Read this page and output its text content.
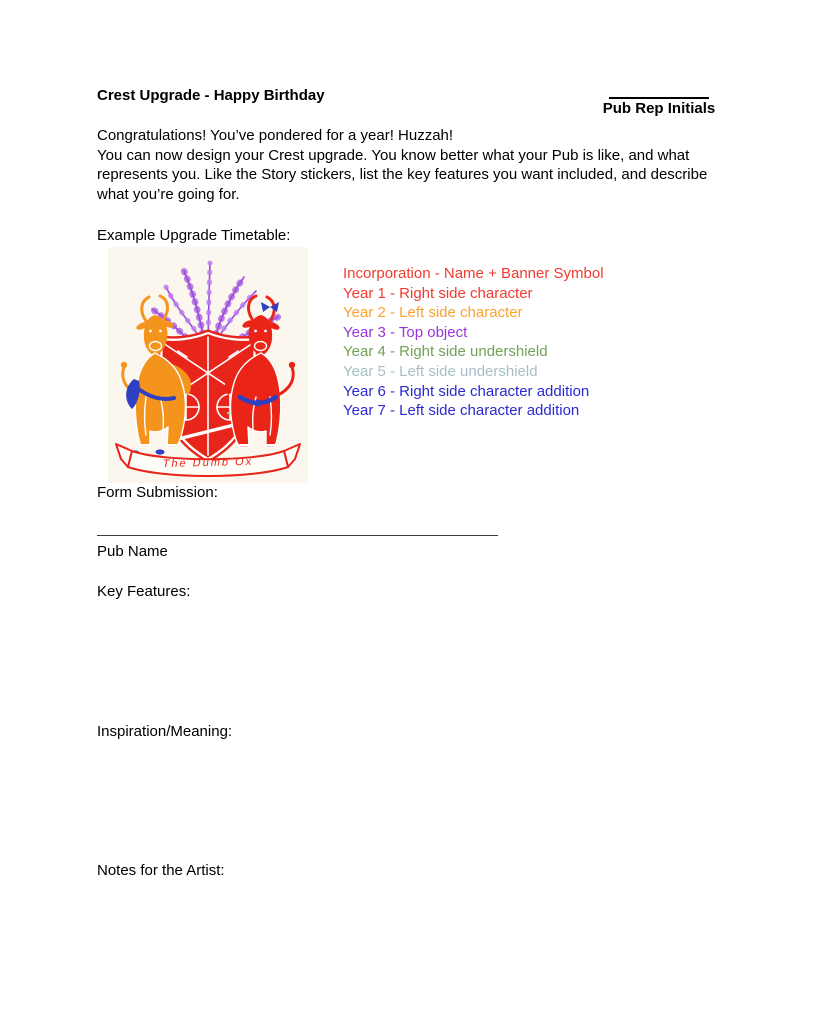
Crest Upgrade - Happy Birthday
Pub Rep Initials
Congratulations! You’ve pondered for a year! Huzzah!
You can now design your Crest upgrade. You know better what your Pub is like, and what
represents you. Like the Story stickers, list the key features you want included, and describe
what you’re going for.
Example Upgrade Timetable:
The Dumb Ox
Incorporation - Name + Banner Symbol
Year 1 - Right side character
Year 2 - Left side character
Year 3 - Top object
Year 4 - Right side undershield
Year 5 - Left side undershield
Year 6 - Right side character addition
Year 7 - Left side character addition
Form Submission:
Pub Name
Key Features:
Inspiration/Meaning:
Notes for the Artist:
